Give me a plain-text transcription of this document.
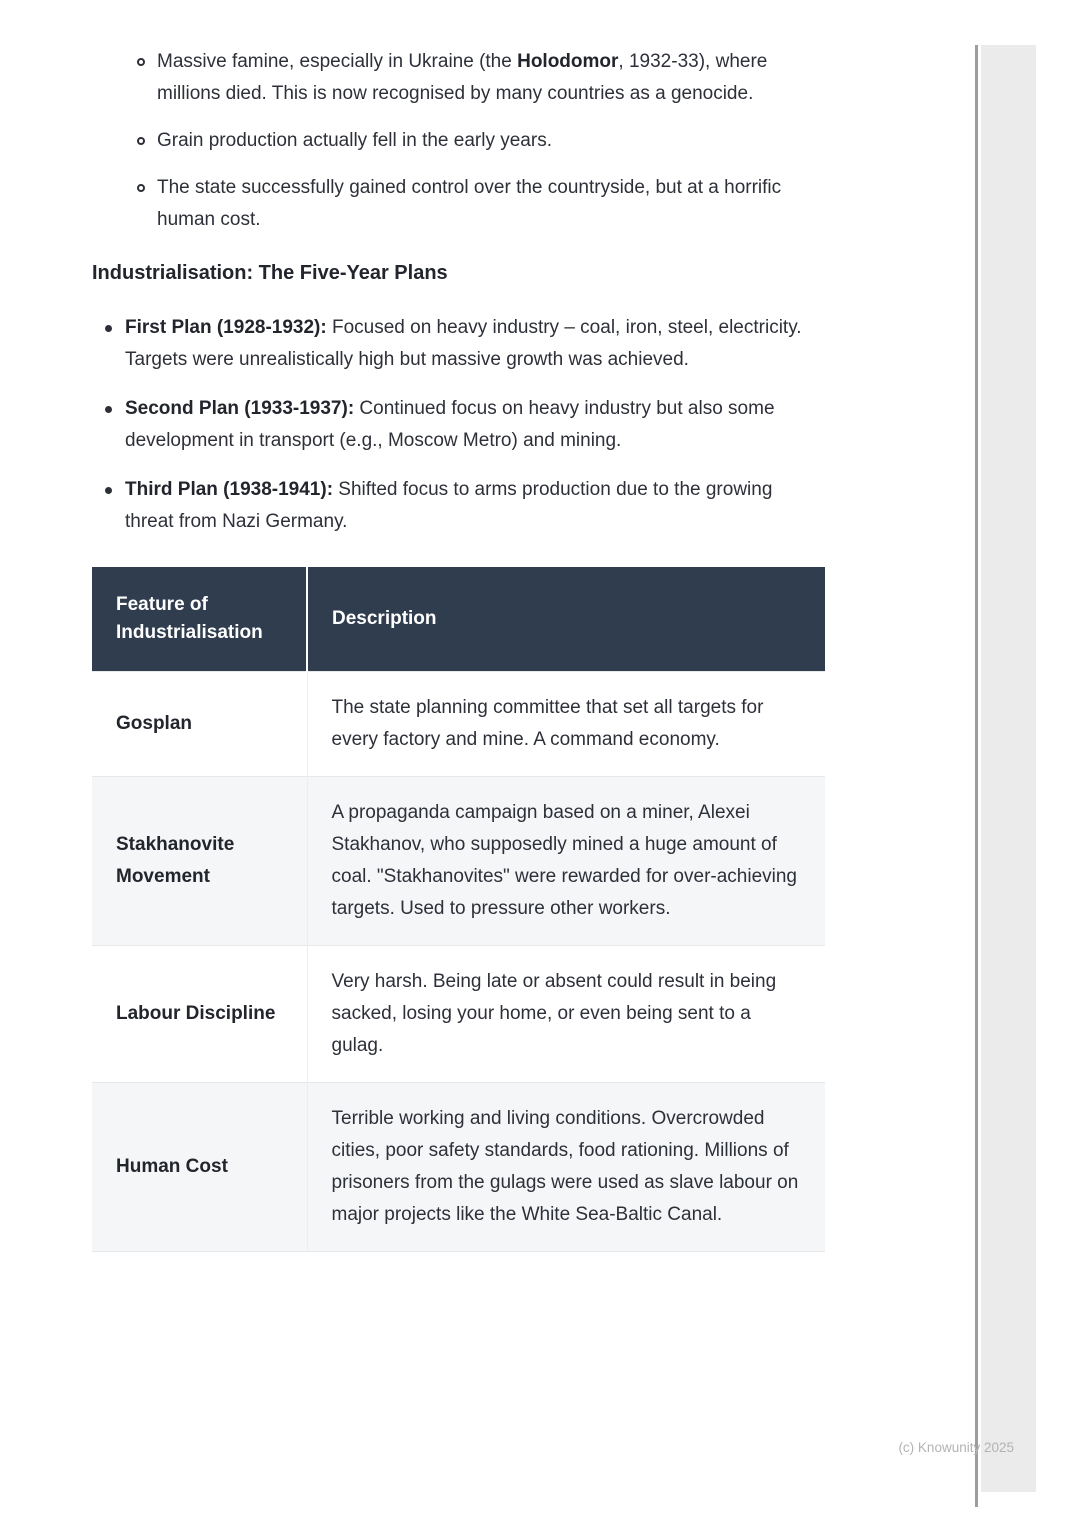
Massive famine, especially in Ukraine (the Holodomor, 1932-33), where millions died. This is now recognised by many countries as a genocide.

Grain production actually fell in the early years.

The state successfully gained control over the countryside, but at a horrific human cost.

Industrialisation: The Five-Year Plans

First Plan (1928-1932): Focused on heavy industry – coal, iron, steel, electricity. Targets were unrealistically high but massive growth was achieved.

Second Plan (1933-1937): Continued focus on heavy industry but also some development in transport (e.g., Moscow Metro) and mining.

Third Plan (1938-1941): Shifted focus to arms production due to the growing threat from Nazi Germany.

Feature of Industrialisation	Description
Gosplan	The state planning committee that set all targets for every factory and mine. A command economy.
Stakhanovite Movement	A propaganda campaign based on a miner, Alexei Stakhanov, who supposedly mined a huge amount of coal. "Stakhanovites" were rewarded for over-achieving targets. Used to pressure other workers.
Labour Discipline	Very harsh. Being late or absent could result in being sacked, losing your home, or even being sent to a gulag.
Human Cost	Terrible working and living conditions. Overcrowded cities, poor safety standards, food rationing. Millions of prisoners from the gulags were used as slave labour on major projects like the White Sea-Baltic Canal.
(c) Knowunity 2025
